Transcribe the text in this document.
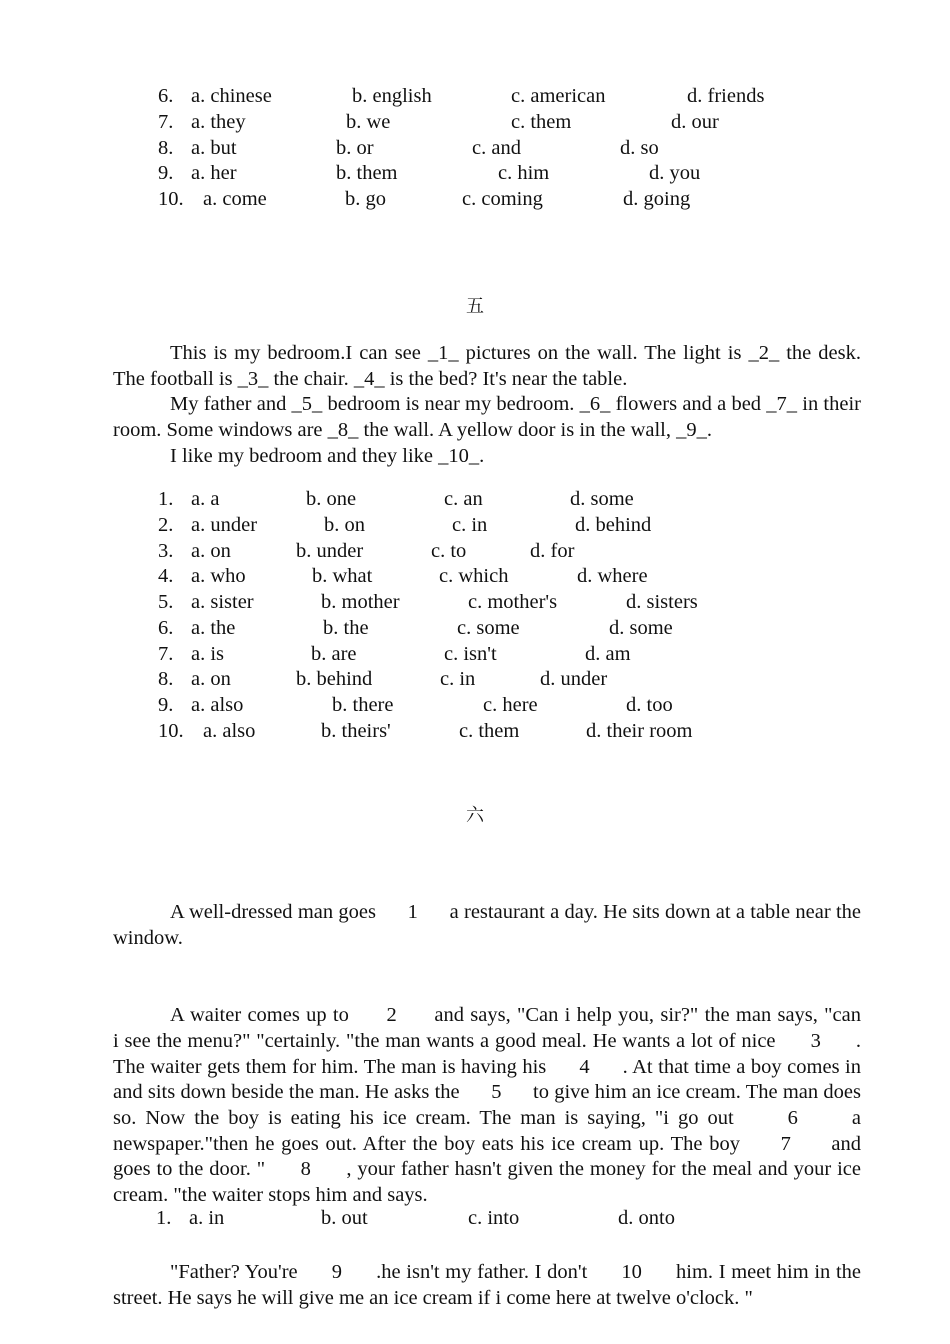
6. a. chinese	b. english	c. american	d. friends
7. a. they	b. we	c. them	d. our
8. a. but	b. or	c. and	d. so
9. a. her	b. them	c. him	d. you
10. a. come	b. go	c. coming	d. going
五

This is my bedroom.I can see _1_ pictures on the wall. The light is _2_ the desk. The football is _3_ the chair. _4_ is the bed? It's near the table.

My father and _5_ bedroom is near my bedroom. _6_ flowers and a bed _7_ in their room. Some windows are _8_ the wall. A yellow door is in the wall, _9_.

I like my bedroom and they like _10_.

1. a. a	b. one	c. an	d. some
2. a. under	b. on	c. in	d. behind
3. a. on	b. under	c. to	d. for
4. a. who	b. what	c. which	d. where
5. a. sister	b. mother	c. mother's	d. sisters
6. a. the	b. the	c. some	d. some
7. a. is	b. are	c. isn't	d. am
8. a. on	b. behind	c. in	d. under
9. a. also	b. there	c. here	d. too
10. a. also	b. theirs'	c. them	d. their room
六

A well-dressed man goes      1      a restaurant a day. He sits down at a table near the window.

A waiter comes up to      2      and says, "Can i help you, sir?" the man says, "can      i see the menu?" "certainly. "the man wants a good meal. He wants a lot of nice      3      . The waiter gets them for him. The man is having his      4      . At that time a boy comes in and sits down beside the man. He asks the      5      to give him an ice cream. The man does so. Now the boy is eating his ice cream. The man is saying, "i go out      6      a newspaper."then he goes out. After the boy eats his ice cream up. The boy      7      and goes to the door. "      8      , your father hasn't given the money for the meal and your ice cream. "the waiter stops him and says.

"Father? You're      9      .he isn't my father. I don't      10      him. I meet him in the street. He says he will give me an ice cream if i come here at twelve o'clock. "

1. a. in	b. out	c. into	d. onto
